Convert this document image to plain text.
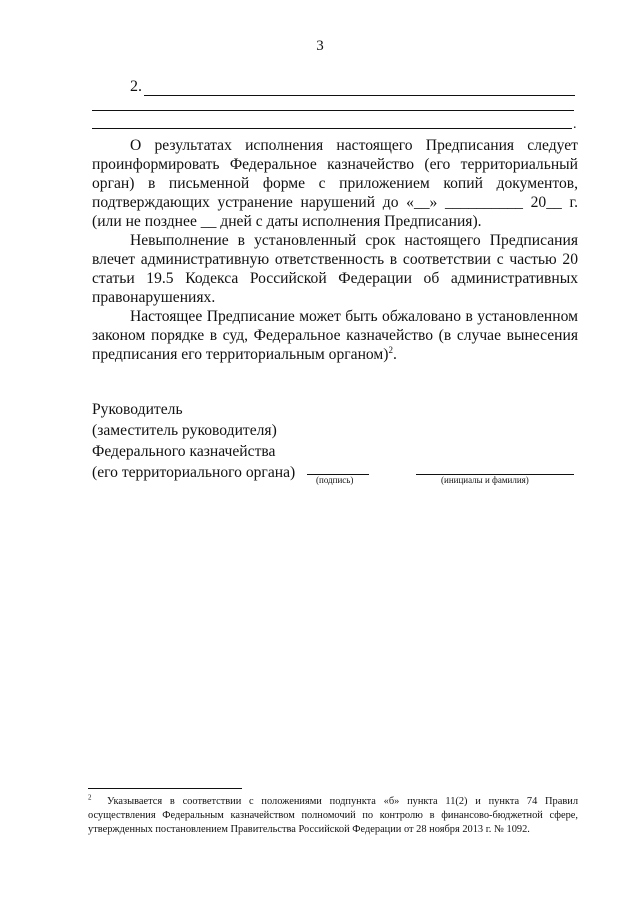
3
2.
.
О результатах исполнения настоящего Предписания следует
проинформировать Федеральное казначейство (его территориальный
орган) в письменной форме с приложением копий документов,
подтверждающих устранение нарушений до «__» __________ 20__ г.
(или не позднее __ дней с даты исполнения Предписания).
Невыполнение в установленный срок настоящего Предписания
влечет административную ответственность в соответствии с частью 20
статьи 19.5 Кодекса Российской Федерации об административных
правонарушениях.
Настоящее Предписание может быть обжаловано в установленном
законом порядке в суд, Федеральное казначейство (в случае вынесения
предписания его территориальным органом)$^2$.
Руководитель
(заместитель руководителя)
Федерального казначейства
(его территориального органа) (подпись)	(инициалы и фамилия)
$^2$ Указывается в соответствии с положениями подпункта «б» пункта 11(2) и пункта 74 Правил
осуществления Федеральным казначейством полномочий по контролю в финансово-бюджетной сфере,
утвержденных постановлением Правительства Российской Федерации от 28 ноября 2013 г. № 1092.
